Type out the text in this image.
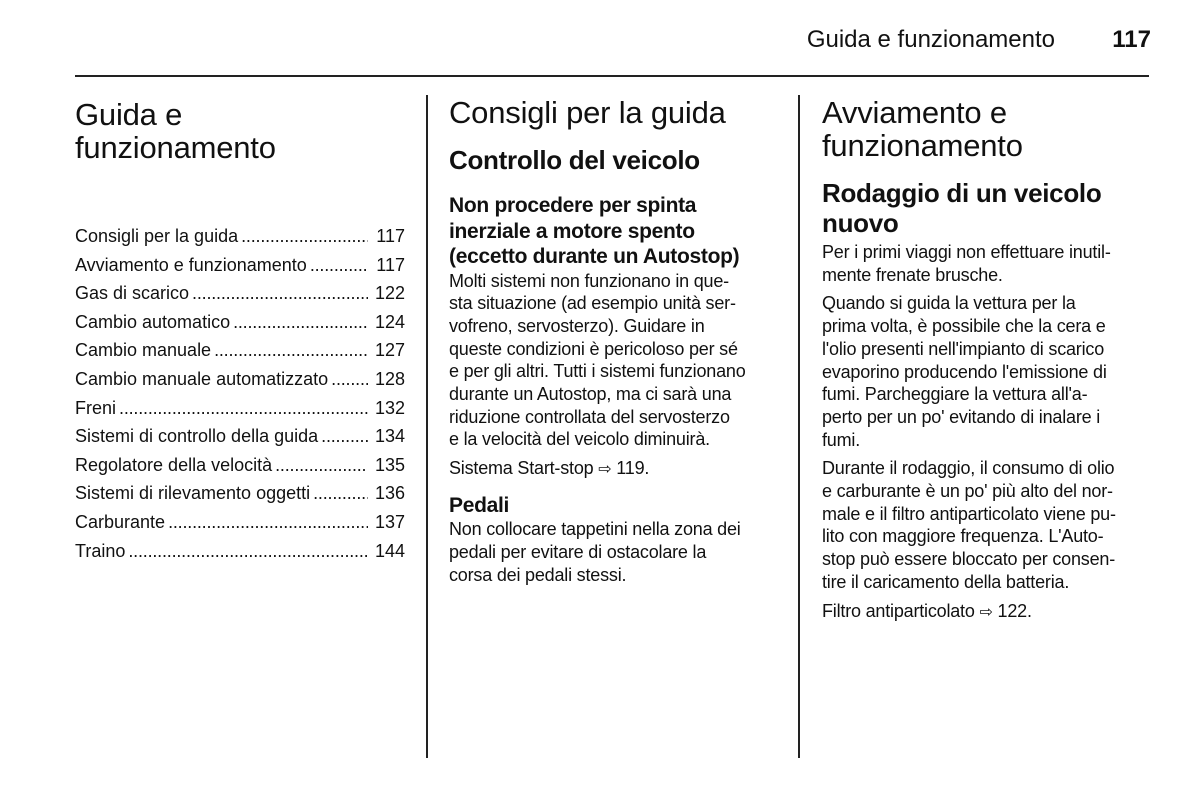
Guida e funzionamento 117
Guida e
funzionamento
Consigli per la guida . . .	117
Avviamento e funzionamento . . .	117
Gas di scarico . . .	122
Cambio automatico . . .	124
Cambio manuale . . .	127
Cambio manuale automatizzato . . .	128
Freni . . .	132
Sistemi di controllo della guida . . .	134
Regolatore della velocità . . .	135
Sistemi di rilevamento oggetti . . .	136
Carburante . . .	137
Traino . . .	144
Consigli per la guida
Controllo del veicolo
Non procedere per spinta
inerziale a motore spento
(eccetto durante un Autostop)

Molti sistemi non funzionano in que-
sta situazione (ad esempio unità ser-
vofreno, servosterzo). Guidare in
queste condizioni è pericoloso per sé
e per gli altri. Tutti i sistemi funzionano
durante un Autostop, ma ci sarà una
riduzione controllata del servosterzo
e la velocità del veicolo diminuirà.

Sistema Start-stop ⇨ 119.

Pedali

Non collocare tappetini nella zona dei
pedali per evitare di ostacolare la
corsa dei pedali stessi.

Avviamento e
funzionamento
Rodaggio di un veicolo
nuovo

Per i primi viaggi non effettuare inutil-
mente frenate brusche.

Quando si guida la vettura per la
prima volta, è possibile che la cera e
l'olio presenti nell'impianto di scarico
evaporino producendo l'emissione di
fumi. Parcheggiare la vettura all'a-
perto per un po' evitando di inalare i
fumi.

Durante il rodaggio, il consumo di olio
e carburante è un po' più alto del nor-
male e il filtro antiparticolato viene pu-
lito con maggiore frequenza. L'Auto-
stop può essere bloccato per consen-
tire il caricamento della batteria.

Filtro antiparticolato ⇨ 122.
